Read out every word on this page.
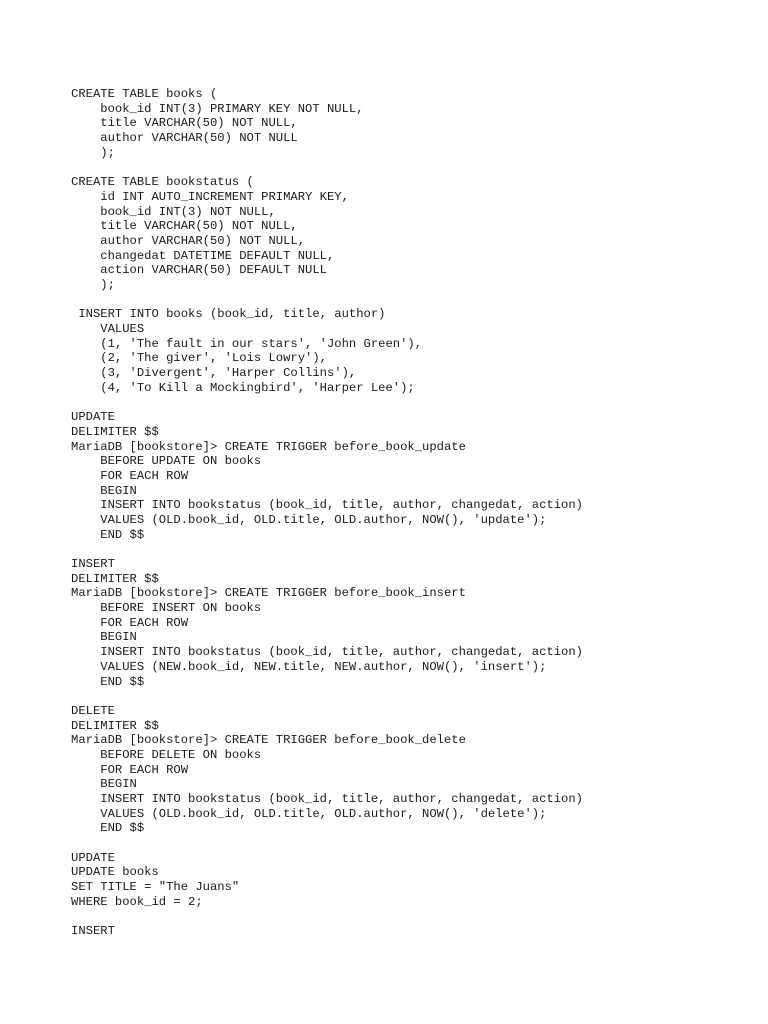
CREATE TABLE books (
book_id INT(3) PRIMARY KEY NOT NULL,
title VARCHAR(50) NOT NULL,
author VARCHAR(50) NOT NULL
);
CREATE TABLE bookstatus (
id INT AUTO_INCREMENT PRIMARY KEY,
book_id INT(3) NOT NULL,
title VARCHAR(50) NOT NULL,
author VARCHAR(50) NOT NULL,
changedat DATETIME DEFAULT NULL,
action VARCHAR(50) DEFAULT NULL
);
INSERT INTO books (book_id, title, author)
VALUES
(1, 'The fault in our stars', 'John Green'),
(2, 'The giver', 'Lois Lowry'),
(3, 'Divergent', 'Harper Collins'),
(4, 'To Kill a Mockingbird', 'Harper Lee');
UPDATE
DELIMITER $$
MariaDB [bookstore]> CREATE TRIGGER before_book_update
BEFORE UPDATE ON books
FOR EACH ROW
BEGIN
INSERT INTO bookstatus (book_id, title, author, changedat, action)
VALUES (OLD.book_id, OLD.title, OLD.author, NOW(), 'update');
END $$
INSERT
DELIMITER $$
MariaDB [bookstore]> CREATE TRIGGER before_book_insert
BEFORE INSERT ON books
FOR EACH ROW
BEGIN
INSERT INTO bookstatus (book_id, title, author, changedat, action)
VALUES (NEW.book_id, NEW.title, NEW.author, NOW(), 'insert');
END $$
DELETE
DELIMITER $$
MariaDB [bookstore]> CREATE TRIGGER before_book_delete
BEFORE DELETE ON books
FOR EACH ROW
BEGIN
INSERT INTO bookstatus (book_id, title, author, changedat, action)
VALUES (OLD.book_id, OLD.title, OLD.author, NOW(), 'delete');
END $$
UPDATE
UPDATE books
SET TITLE = "The Juans"
WHERE book_id = 2;
INSERT
